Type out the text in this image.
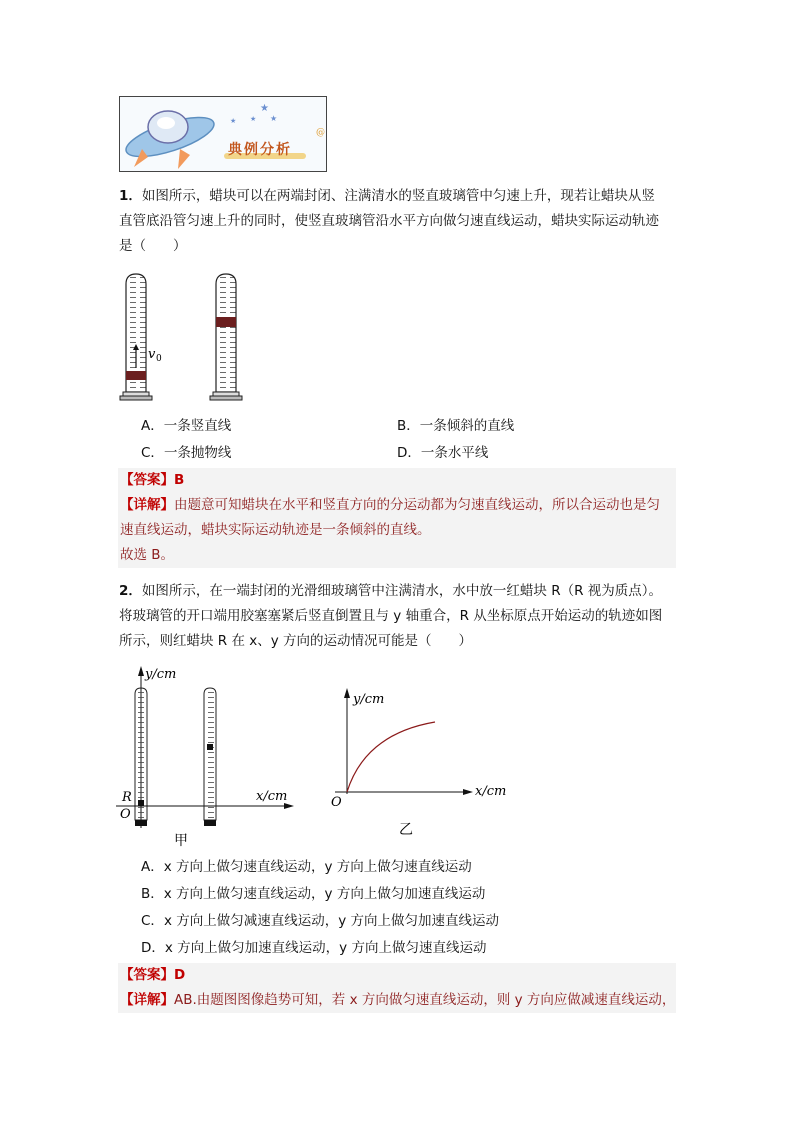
★
★
★
★
@
典例分析
1．如图所示，蜡块可以在两端封闭、注满清水的竖直玻璃管中匀速上升，现若让蜡块从竖
直管底沿管匀速上升的同时，使竖直玻璃管沿水平方向做匀速直线运动，蜡块实际运动轨迹
是（　　）
v 0
A．一条竖直线	B．一条倾斜的直线
C．一条抛物线	D．一条水平线
【答案】B
【详解】由题意可知蜡块在水平和竖直方向的分运动都为匀速直线运动，所以合运动也是匀
速直线运动，蜡块实际运动轨迹是一条倾斜的直线。
故选 B。
2．如图所示，在一端封闭的光滑细玻璃管中注满清水，水中放一红蜡块 R（R 视为质点）。
将玻璃管的开口端用胶塞塞紧后竖直倒置且与 y 轴重合，R 从坐标原点开始运动的轨迹如图
所示，则红蜡块 R 在 x、y 方向的运动情况可能是（　　）
y/cm
x/cm
R
O
甲
y/cm
x/cm
O
乙
A．x 方向上做匀速直线运动，y 方向上做匀速直线运动
B．x 方向上做匀速直线运动，y 方向上做匀加速直线运动
C．x 方向上做匀减速直线运动，y 方向上做匀加速直线运动
D．x 方向上做匀加速直线运动，y 方向上做匀速直线运动
【答案】D
【详解】AB.由题图图像趋势可知，若 x 方向做匀速直线运动，则 y 方向应做减速直线运动，
